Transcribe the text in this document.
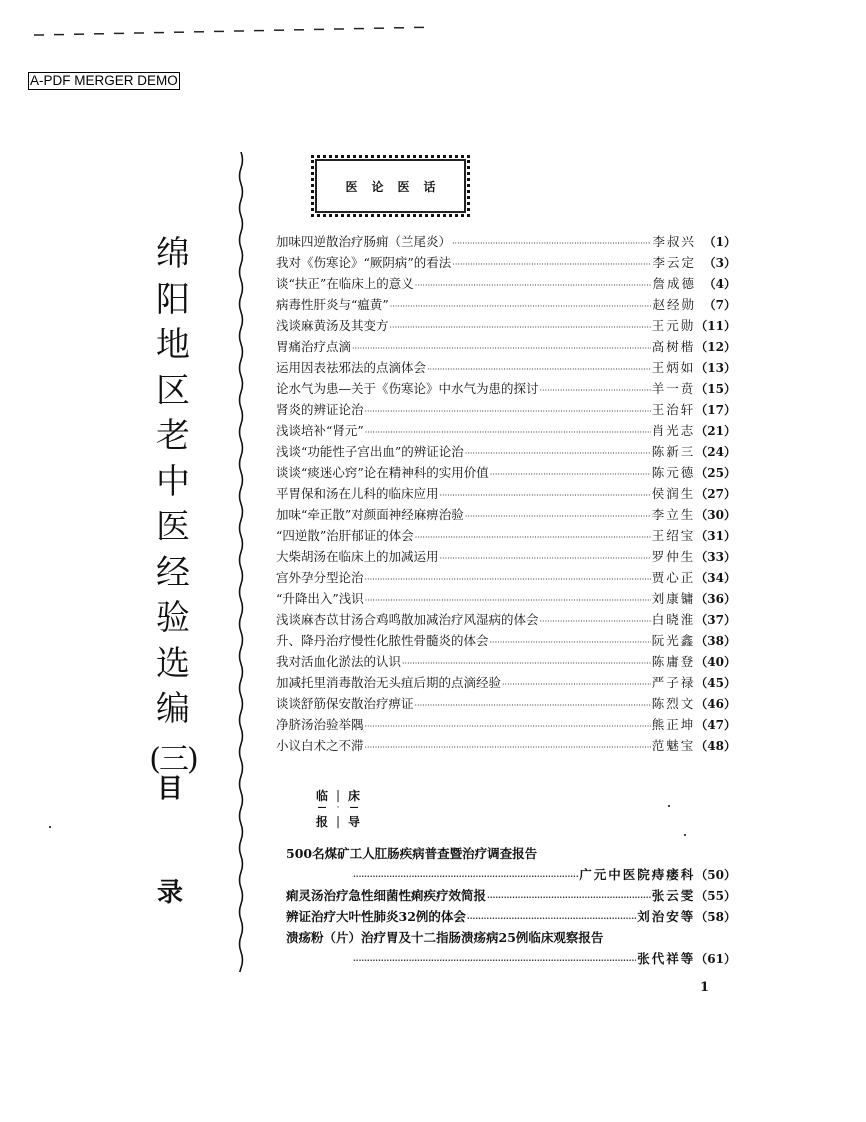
A-PDF MERGER DEMO
绵
阳
地
区
老
中
医
经
验
选
编
(三)
目
录
医论医话
加味四逆散治疗肠痈（兰尾炎） ·····	李叔兴 （1）
我对《伤寒论》“厥阴病”的看法 ·····	李云定 （3）
谈“扶正”在临床上的意义 ·····	詹成德 （4）
病毒性肝炎与“瘟黄” ·····	赵经勋 （7）
浅谈麻黄汤及其变方 ·····	王元勋 （11）
胃痛治疗点滴 ·····	高树楷 （12）
运用因表祛邪法的点滴体会 ·····	王炳如 （13）
论水气为患—关于《伤寒论》中水气为患的探讨 ·····	羊一贲 （15）
肾炎的辨证论治 ·····	王治轩 （17）
浅谈培补“肾元” ·····	肖光志 （21）
浅谈“功能性子宫出血”的辨证论治 ·····	陈新三 （24）
谈谈“痰迷心窍”论在精神科的实用价值 ·····	陈元德 （25）
平胃保和汤在儿科的临床应用 ·····	侯润生 （27）
加味“牵正散”对颜面神经麻痹治验 ·····	李立生 （30）
“四逆散”治肝郁证的体会 ·····	王绍宝 （31）
大柴胡汤在临床上的加减运用 ·····	罗仲生 （33）
宫外孕分型论治 ·····	贾心正 （34）
“升降出入”浅识 ·····	刘康镛 （36）
浅谈麻杏苡甘汤合鸡鸣散加减治疗风湿病的体会 ·····	白晓淮 （37）
升、降丹治疗慢性化脓性骨髓炎的体会 ·····	阮光鑫 （38）
我对活血化淤法的认识 ·····	陈庸登 （40）
加减托里消毒散治无头疽后期的点滴经验 ·····	严子禄 （45）
谈谈舒筋保安散治疗痹证 ·····	陈烈文 （46）
净脐汤治验举隅 ·····	熊正坤 （47）
小议白术之不滞 ·····	范魅宝 （48）
临 | 床
—	·	—
报 | 导
500名煤矿工人肛肠疾病普查暨治疗调查报告
·····
广元中医院痔瘘科 （50）
痢灵汤治疗急性细菌性痢疾疗效简报 ·····	张云雯 （55）
辨证治疗大叶性肺炎32例的体会 ·····	刘治安等 （58）
溃疡粉（片）治疗胃及十二指肠溃疡病25例临床观察报告
·····
张代祥等 （61）
1
